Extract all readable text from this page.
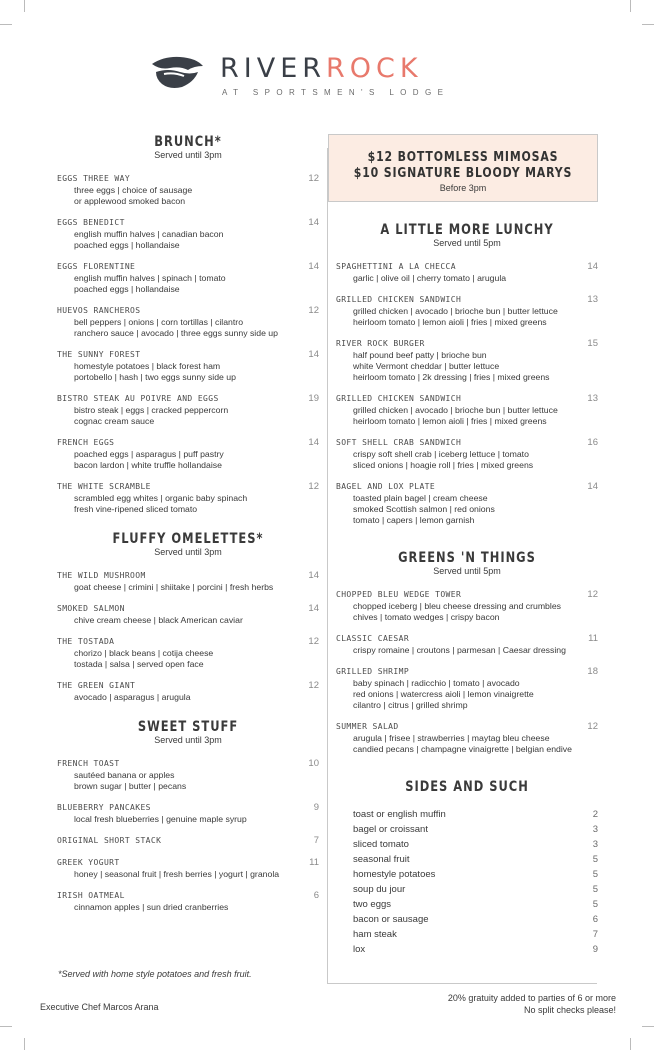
RIVERROCK
AT SPORTSMEN'S LODGE
BRUNCH*
Served until 3pm
EGGS THREE WAY	12
three eggs | choice of sausage
or applewood smoked bacon
EGGS BENEDICT	14
english muffin halves | canadian bacon
poached eggs | hollandaise
EGGS FLORENTINE	14
english muffin halves | spinach | tomato
poached eggs | hollandaise
HUEVOS RANCHEROS	12
bell peppers | onions | corn tortillas | cilantro
ranchero sauce | avocado | three eggs sunny side up
THE SUNNY FOREST	14
homestyle potatoes | black forest ham
portobello | hash | two eggs sunny side up
BISTRO STEAK AU POIVRE AND EGGS	19
bistro steak | eggs | cracked peppercorn
cognac cream sauce
FRENCH EGGS	14
poached eggs | asparagus | puff pastry
bacon lardon | white truffle hollandaise
THE WHITE SCRAMBLE	12
scrambled egg whites | organic baby spinach
fresh vine-ripened sliced tomato
FLUFFY OMELETTES*
Served until 3pm
THE WILD MUSHROOM	14
goat cheese | crimini | shiitake | porcini | fresh herbs
SMOKED SALMON	14
chive cream cheese | black American caviar
THE TOSTADA	12
chorizo | black beans | cotija cheese
tostada | salsa | served open face
THE GREEN GIANT	12
avocado | asparagus | arugula
SWEET STUFF
Served until 3pm
FRENCH TOAST	10
sautéed banana or apples
brown sugar | butter | pecans
BLUEBERRY PANCAKES	9
local fresh blueberries | genuine maple syrup
ORIGINAL SHORT STACK	7
GREEK YOGURT	11
honey | seasonal fruit | fresh berries | yogurt | granola
IRISH OATMEAL	6
cinnamon apples | sun dried cranberries
$12 BOTTOMLESS MIMOSAS
$10 SIGNATURE BLOODY MARYS
Before 3pm
A LITTLE MORE LUNCHY
Served until 5pm
SPAGHETTINI A LA CHECCA	14
garlic | olive oil | cherry tomato | arugula
GRILLED CHICKEN SANDWICH	13
grilled chicken | avocado | brioche bun | butter lettuce
heirloom tomato | lemon aioli | fries | mixed greens
RIVER ROCK BURGER	15
half pound beef patty | brioche bun
white Vermont cheddar | butter lettuce
heirloom tomato | 2k dressing | fries | mixed greens
GRILLED CHICKEN SANDWICH	13
grilled chicken | avocado | brioche bun | butter lettuce
heirloom tomato | lemon aioli | fries | mixed greens
SOFT SHELL CRAB SANDWICH	16
crispy soft shell crab | iceberg lettuce | tomato
sliced onions | hoagie roll | fries | mixed greens
BAGEL AND LOX PLATE	14
toasted plain bagel | cream cheese
smoked Scottish salmon | red onions
tomato | capers | lemon garnish
GREENS 'N THINGS
Served until 5pm
CHOPPED BLEU WEDGE TOWER	12
chopped iceberg | bleu cheese dressing and crumbles
chives | tomato wedges | crispy bacon
CLASSIC CAESAR	11
crispy romaine | croutons | parmesan | Caesar dressing
GRILLED SHRIMP	18
baby spinach | radicchio | tomato | avocado
red onions | watercress aioli | lemon vinaigrette
cilantro | citrus | grilled shrimp
SUMMER SALAD	12
arugula | frisee | strawberries | maytag bleu cheese
candied pecans | champagne vinaigrette | belgian endive
SIDES AND SUCH
toast or english muffin	2
bagel or croissant	3
sliced tomato	3
seasonal fruit	5
homestyle potatoes	5
soup du jour	5
two eggs	5
bacon or sausage	6
ham steak	7
lox	9
*Served with home style potatoes and fresh fruit.
Executive Chef Marcos Arana
20% gratuity added to parties of 6 or more
No split checks please!
